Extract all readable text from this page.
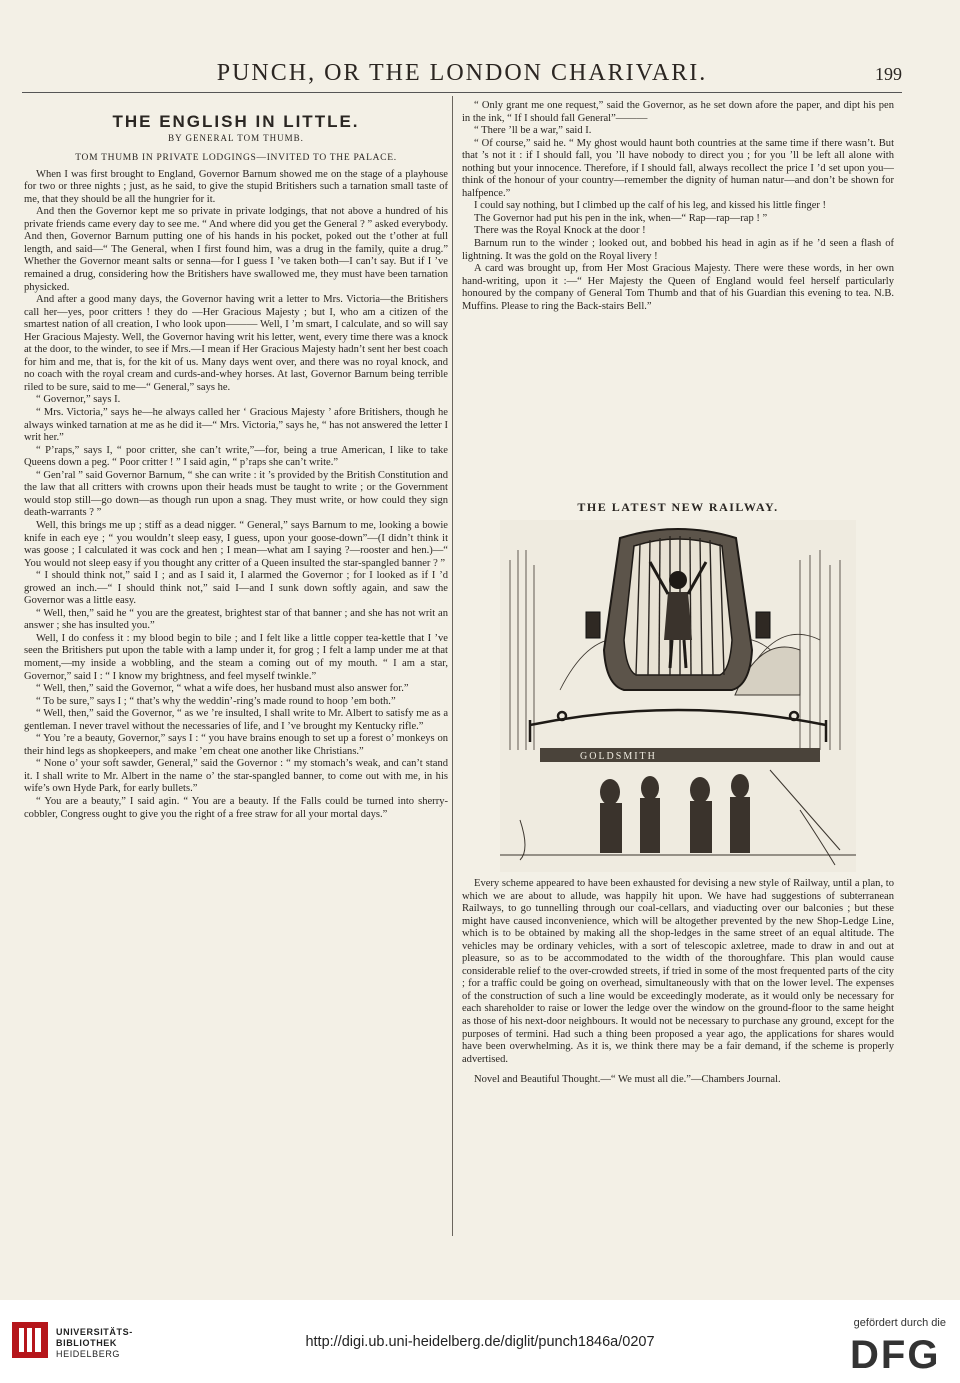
PUNCH, OR THE LONDON CHARIVARI.	199
THE ENGLISH IN LITTLE.
BY GENERAL TOM THUMB.
TOM THUMB IN PRIVATE LODGINGS—INVITED TO THE PALACE.

When I was first brought to England, Governor Barnum showed me on the stage of a playhouse for two or three nights ; just, as he said, to give the stupid Britishers such a tarnation small taste of me, that they should be all the hungrier for it.

And then the Governor kept me so private in private lodgings, that not above a hundred of his private friends came every day to see me. “ And where did you get the General ? ” asked everybody. And then, Governor Barnum putting one of his hands in his pocket, poked out the t’other at full length, and said—“ The General, when I first found him, was a drug in the family, quite a drug.” Whether the Governor meant salts or senna—for I guess I ’ve taken both—I can’t say. But if I ’ve remained a drug, considering how the Britishers have swallowed me, they must have been tarnation physicked.

And after a good many days, the Governor having writ a letter to Mrs. Victoria—the Britishers call her—yes, poor critters ! they do —Her Gracious Majesty ; but I, who am a citizen of the smartest nation of all creation, I who look upon——— Well, I ’m smart, I calculate, and so will say Her Gracious Majesty. Well, the Governor having writ his letter, went, every time there was a knock at the door, to the winder, to see if Mrs.—I mean if Her Gracious Majesty hadn’t sent her best coach for him and me, that is, for the kit of us. Many days went over, and there was no royal knock, and no coach with the royal cream and curds-and-whey horses. At last, Governor Barnum being terrible riled to be sure, said to me—“ General,” says he.

“ Governor,” says I.

“ Mrs. Victoria,” says he—he always called her ‘ Gracious Majesty ’ afore Britishers, though he always winked tarnation at me as he did it—“ Mrs. Victoria,” says he, “ has not answered the letter I writ her.”

“ P’raps,” says I, “ poor critter, she can’t write,”—for, being a true American, I like to take Queens down a peg. “ Poor critter ! ” I said agin, “ p’raps she can’t write.”

“ Gen’ral ” said Governor Barnum, “ she can write : it ’s provided by the British Constitution and the law that all critters with crowns upon their heads must be taught to write ; or the Government would stop still—go down—as though run upon a snag. They must write, or how could they sign death-warrants ? ”

Well, this brings me up ; stiff as a dead nigger. “ General,” says Barnum to me, looking a bowie knife in each eye ; “ you wouldn’t sleep easy, I guess, upon your goose-down”—(I didn’t think it was goose ; I calculated it was cock and hen ; I mean—what am I saying ?—rooster and hen.)—“ You would not sleep easy if you thought any critter of a Queen insulted the star-spangled banner ? ”

“ I should think not,” said I ; and as I said it, I alarmed the Governor ; for I looked as if I ’d growed an inch.—“ I should think not,” said I—and I sunk down softly again, and saw the Governor was a little easy.

“ Well, then,” said he “ you are the greatest, brightest star of that banner ; and she has not writ an answer ; she has insulted you.”

Well, I do confess it : my blood begin to bile ; and I felt like a little copper tea-kettle that I ’ve seen the Britishers put upon the table with a lamp under it, for grog ; I felt a lamp under me at that moment,—my inside a wobbling, and the steam a coming out of my mouth. “ I am a star, Governor,” said I : “ I know my brightness, and feel myself twinkle.”

“ Well, then,” said the Governor, “ what a wife does, her husband must also answer for.”

“ To be sure,” says I ; “ that’s why the weddin’-ring’s made round to hoop ’em both.”

“ Well, then,” said the Governor, “ as we ’re insulted, I shall write to Mr. Albert to satisfy me as a gentleman. I never travel without the necessaries of life, and I ’ve brought my Kentucky rifle.”

“ You ’re a beauty, Governor,” says I : “ you have brains enough to set up a forest o’ monkeys on their hind legs as shopkeepers, and make ’em cheat one another like Christians.”

“ None o’ your soft sawder, General,” said the Governor : “ my stomach’s weak, and can’t stand it. I shall write to Mr. Albert in the name o’ the star-spangled banner, to come out with me, in his wife’s own Hyde Park, for early bullets.”

“ You are a beauty,” I said agin. “ You are a beauty. If the Falls could be turned into sherry-cobbler, Congress ought to give you the right of a free straw for all your mortal days.”

“ Only grant me one request,” said the Governor, as he set down afore the paper, and dipt his pen in the ink, “ If I should fall General”———

“ There ’ll be a war,” said I.

“ Of course,” said he. “ My ghost would haunt both countries at the same time if there wasn’t. But that ’s not it : if I should fall, you ’ll have nobody to direct you ; for you ’ll be left all alone with nothing but your innocence. Therefore, if I should fall, always recollect the price I ’d set upon you—think of the honour of your country—remember the dignity of human natur—and don’t be shown for halfpence.”

I could say nothing, but I climbed up the calf of his leg, and kissed his little finger !

The Governor had put his pen in the ink, when—“ Rap—rap—rap ! ”

There was the Royal Knock at the door !

Barnum run to the winder ; looked out, and bobbed his head in agin as if he ’d seen a flash of lightning. It was the gold on the Royal livery !

A card was brought up, from Her Most Gracious Majesty. There were these words, in her own hand-writing, upon it :—“ Her Majesty the Queen of England would feel herself particularly honoured by the company of General Tom Thumb and that of his Guardian this evening to tea. N.B. Muffins. Please to ring the Back-stairs Bell.”

THE LATEST NEW RAILWAY.
GOLDSMITH

Every scheme appeared to have been exhausted for devising a new style of Railway, until a plan, to which we are about to allude, was happily hit upon. We have had suggestions of subterranean Railways, to go tunnelling through our coal-cellars, and viaducting over our balconies ; but these might have caused inconvenience, which will be altogether prevented by the new Shop-Ledge Line, which is to be obtained by making all the shop-ledges in the same street of an equal altitude. The vehicles may be ordinary vehicles, with a sort of telescopic axletree, made to draw in and out at pleasure, so as to be accommodated to the width of the thoroughfare. This plan would cause considerable relief to the over-crowded streets, if tried in some of the most frequented parts of the city ; for a traffic could be going on overhead, simultaneously with that on the lower level. The expenses of the construction of such a line would be exceedingly moderate, as it would only be necessary for each shareholder to raise or lower the ledge over the window on the ground-floor to the same height as those of his next-door neighbours. It would not be necessary to purchase any ground, except for the purposes of termini. Had such a thing been proposed a year ago, the applications for shares would have been overwhelming. As it is, we think there may be a fair demand, if the scheme is properly advertised.

Novel and Beautiful Thought.—“ We must all die.”—Chambers Journal.

UNIVERSITÄTS-
BIBLIOTHEK
HEIDELBERG
http://digi.ub.uni-heidelberg.de/diglit/punch1846a/0207
gefördert durch die
DFG
